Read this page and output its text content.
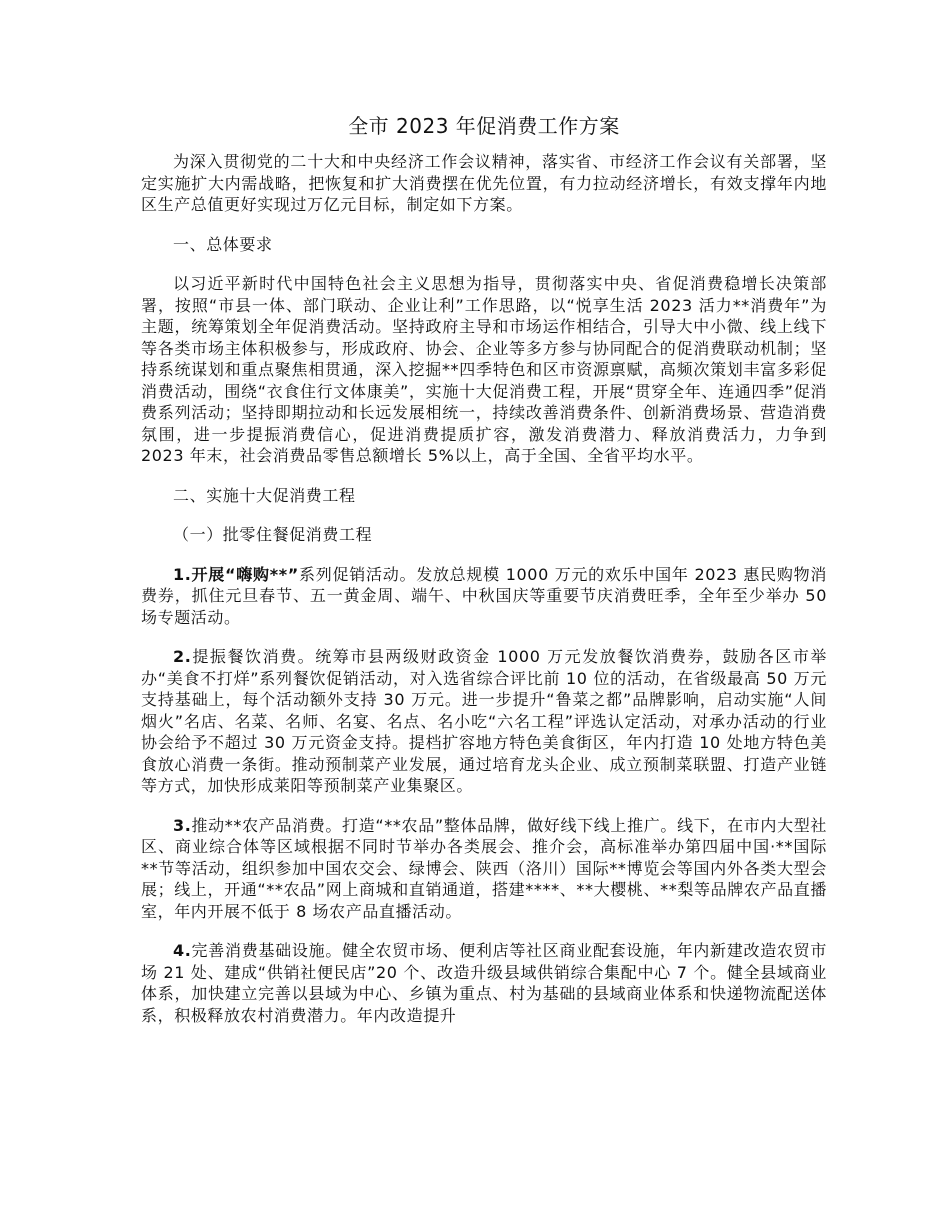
全市 2023 年促消费工作方案

为深入贯彻党的二十大和中央经济工作会议精神，落实省、市经济工作会议有关部署，坚定实施扩大内需战略，把恢复和扩大消费摆在优先位置，有力拉动经济增长，有效支撑年内地区生产总值更好实现过万亿元目标，制定如下方案。

一、总体要求

以习近平新时代中国特色社会主义思想为指导，贯彻落实中央、省促消费稳增长决策部署，按照“市县一体、部门联动、企业让利”工作思路，以“悦享生活 2023 活力**消费年”为主题，统筹策划全年促消费活动。坚持政府主导和市场运作相结合，引导大中小微、线上线下等各类市场主体积极参与，形成政府、协会、企业等多方参与协同配合的促消费联动机制；坚持系统谋划和重点聚焦相贯通，深入挖掘**四季特色和区市资源禀赋，高频次策划丰富多彩促消费活动，围绕“衣食住行文体康美”，实施十大促消费工程，开展“贯穿全年、连通四季”促消费系列活动；坚持即期拉动和长远发展相统一，持续改善消费条件、创新消费场景、营造消费氛围，进一步提振消费信心，促进消费提质扩容，激发消费潜力、释放消费活力，力争到 2023 年末，社会消费品零售总额增长 5%以上，高于全国、全省平均水平。

二、实施十大促消费工程

（一）批零住餐促消费工程

1.开展“嗨购**”系列促销活动。发放总规模 1000 万元的欢乐中国年 2023 惠民购物消费券，抓住元旦春节、五一黄金周、端午、中秋国庆等重要节庆消费旺季，全年至少举办 50 场专题活动。

2.提振餐饮消费。统筹市县两级财政资金 1000 万元发放餐饮消费券，鼓励各区市举办“美食不打烊”系列餐饮促销活动，对入选省综合评比前 10 位的活动，在省级最高 50 万元支持基础上，每个活动额外支持 30 万元。进一步提升“鲁菜之都”品牌影响，启动实施“人间烟火”名店、名菜、名师、名宴、名点、名小吃“六名工程”评选认定活动，对承办活动的行业协会给予不超过 30 万元资金支持。提档扩容地方特色美食街区，年内打造 10 处地方特色美食放心消费一条街。推动预制菜产业发展，通过培育龙头企业、成立预制菜联盟、打造产业链等方式，加快形成莱阳等预制菜产业集聚区。

3.推动**农产品消费。打造“**农品”整体品牌，做好线下线上推广。线下，在市内大型社区、商业综合体等区域根据不同时节举办各类展会、推介会，高标准举办第四届中国·**国际**节等活动，组织参加中国农交会、绿博会、陕西（洛川）国际**博览会等国内外各类大型会展；线上，开通“**农品”网上商城和直销通道，搭建****、**大樱桃、**梨等品牌农产品直播室，年内开展不低于 8 场农产品直播活动。

4.完善消费基础设施。健全农贸市场、便利店等社区商业配套设施，年内新建改造农贸市场 21 处、建成“供销社便民店”20 个、改造升级县域供销综合集配中心 7 个。健全县域商业体系，加快建立完善以县域为中心、乡镇为重点、村为基础的县域商业体系和快递物流配送体系，积极释放农村消费潜力。年内改造提升
